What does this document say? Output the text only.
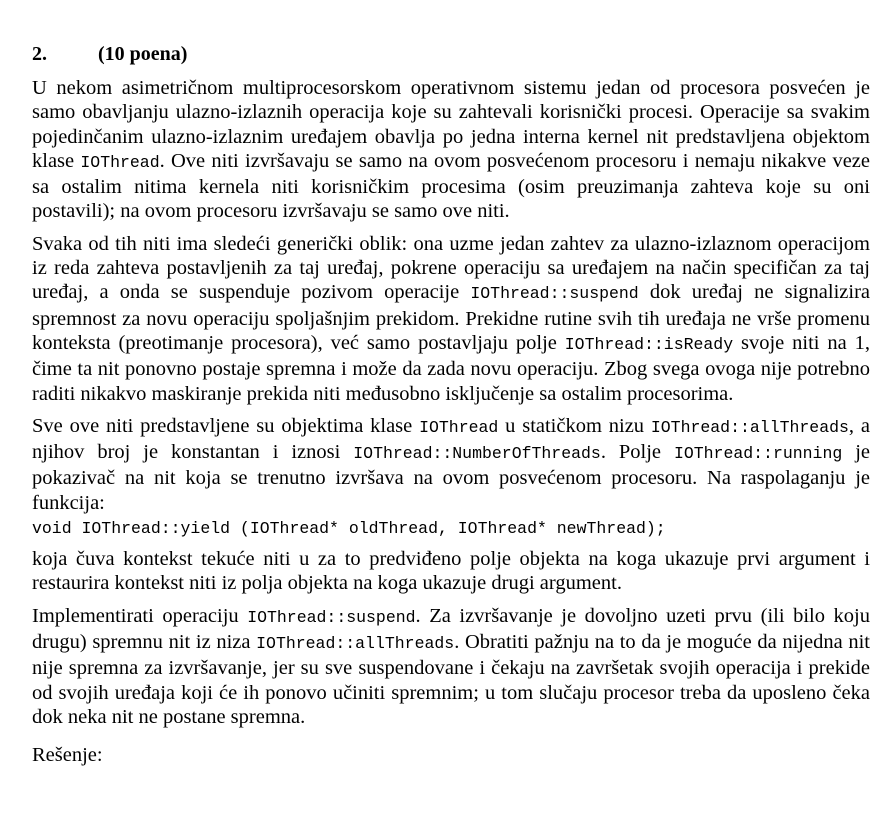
2.	(10 poena)

U nekom asimetričnom multiprocesorskom operativnom sistemu jedan od procesora posvećen je samo obavljanju ulazno-izlaznih operacija koje su zahtevali korisnički procesi. Operacije sa svakim pojedinčanim ulazno-izlaznim uređajem obavlja po jedna interna kernel nit predstavljena objektom klase IOThread. Ove niti izvršavaju se samo na ovom posvećenom procesoru i nemaju nikakve veze sa ostalim nitima kernela niti korisničkim procesima (osim preuzimanja zahteva koje su oni postavili); na ovom procesoru izvršavaju se samo ove niti.

Svaka od tih niti ima sledeći generički oblik: ona uzme jedan zahtev za ulazno-izlaznom operacijom iz reda zahteva postavljenih za taj uređaj, pokrene operaciju sa uređajem na način specifičan za taj uređaj, a onda se suspenduje pozivom operacije IOThread::suspend dok uređaj ne signalizira spremnost za novu operaciju spoljašnjim prekidom. Prekidne rutine svih tih uređaja ne vrše promenu konteksta (preotimanje procesora), već samo postavljaju polje IOThread::isReady svoje niti na 1, čime ta nit ponovno postaje spremna i može da zada novu operaciju. Zbog svega ovoga nije potrebno raditi nikakvo maskiranje prekida niti međusobno isključenje sa ostalim procesorima.

Sve ove niti predstavljene su objektima klase IOThread u statičkom nizu IOThread::allThreads, a njihov broj je konstantan i iznosi IOThread::NumberOfThreads. Polje IOThread::running je pokazivač na nit koja se trenutno izvršava na ovom posvećenom procesoru. Na raspolaganju je funkcija:

void IOThread::yield (IOThread* oldThread, IOThread* newThread);

koja čuva kontekst tekuće niti u za to predviđeno polje objekta na koga ukazuje prvi argument i restaurira kontekst niti iz polja objekta na koga ukazuje drugi argument.

Implementirati operaciju IOThread::suspend. Za izvršavanje je dovoljno uzeti prvu (ili bilo koju drugu) spremnu nit iz niza IOThread::allThreads. Obratiti pažnju na to da je moguće da nijedna nit nije spremna za izvršavanje, jer su sve suspendovane i čekaju na završetak svojih operacija i prekide od svojih uređaja koji će ih ponovo učiniti spremnim; u tom slučaju procesor treba da uposleno čeka dok neka nit ne postane spremna.

Rešenje:
